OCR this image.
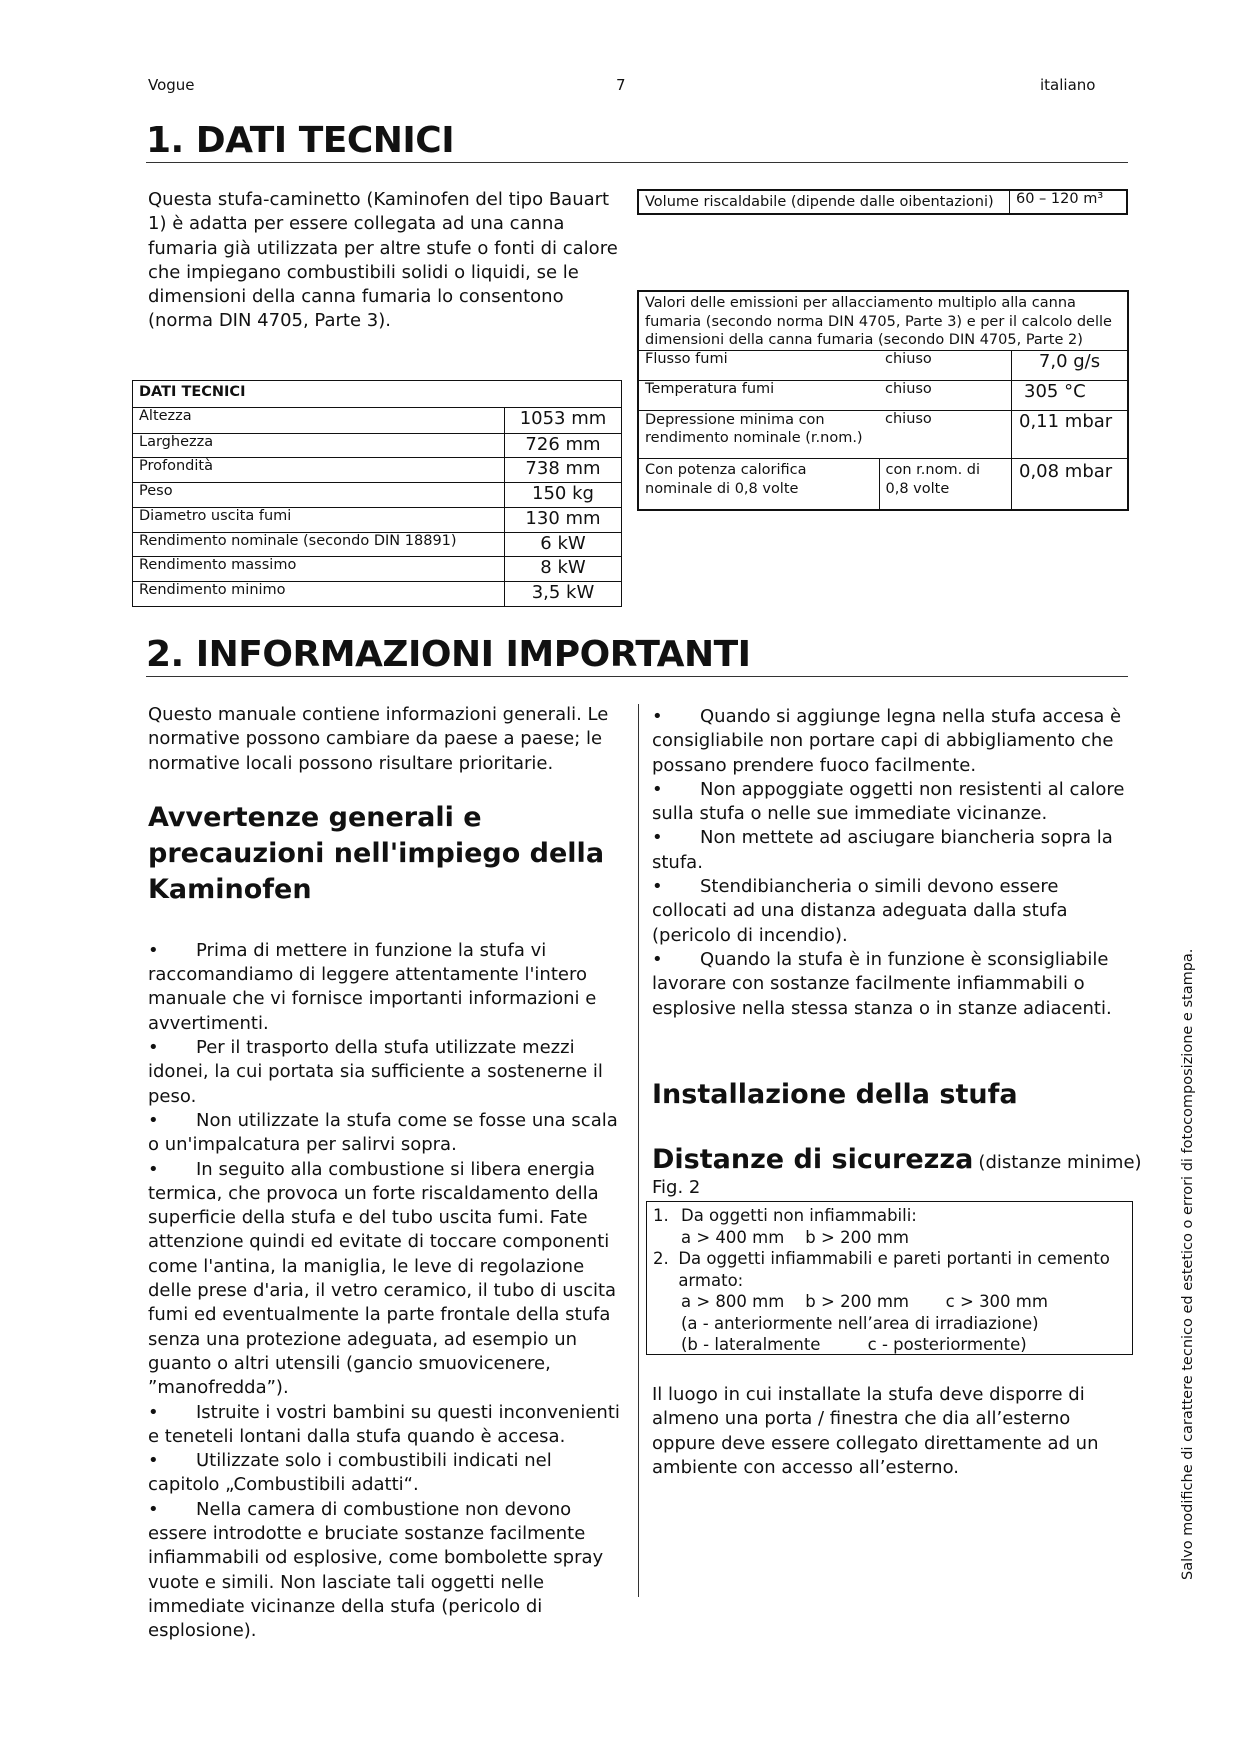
Vogue	7	italiano
1. DATI TECNICI
Questa stufa-caminetto (Kaminofen del tipo Bauart 1) è adatta per essere collegata ad una canna fumaria già utilizzata per altre stufe o fonti di calore che impiegano combustibili solidi o liquidi, se le dimensioni della canna fumaria lo consentono (norma DIN 4705, Parte 3).
DATI TECNICI	
Altezza	1053 mm
Larghezza	726 mm
Profondità	738 mm
Peso	150 kg
Diametro uscita fumi	130 mm
Rendimento nominale (secondo DIN 18891)	6 kW
Rendimento massimo	8 kW
Rendimento minimo	3,5 kW
Volume riscaldabile (dipende dalle oibentazioni)	60 – 120 m³
Valori delle emissioni per allacciamento multiplo alla canna fumaria (secondo norma DIN 4705, Parte 3) e per il calcolo delle dimensioni della canna fumaria (secondo DIN 4705, Parte 2)		
Flusso fumi	chiuso	7,0 g/s
Temperatura fumi	chiuso	305 °C
Depressione minima con rendimento nominale (r.nom.)	chiuso	0,11 mbar
Con potenza calorifica nominale di 0,8 volte	con r.nom. di 0,8 volte	0,08 mbar
2. INFORMAZIONI IMPORTANTI

Questo manuale contiene informazioni generali. Le normative possono cambiare da paese a paese; le normative locali possono risultare prioritarie.

Avvertenze generali e precauzioni nell'impiego della Kaminofen

• Prima di mettere in funzione la stufa vi raccomandiamo di leggere attentamente l'intero manuale che vi fornisce importanti informazioni e avvertimenti.

• Per il trasporto della stufa utilizzate mezzi idonei, la cui portata sia sufficiente a sostenerne il peso.

• Non utilizzate la stufa come se fosse una scala o un'impalcatura per salirvi sopra.

• In seguito alla combustione si libera energia termica, che provoca un forte riscaldamento della superficie della stufa e del tubo uscita fumi. Fate attenzione quindi ed evitate di toccare componenti come l'antina, la maniglia, le leve di regolazione delle prese d'aria, il vetro ceramico, il tubo di uscita fumi ed eventualmente la parte frontale della stufa senza una protezione adeguata, ad esempio un guanto o altri utensili (gancio smuovicenere, ”manofredda”).

• Istruite i vostri bambini su questi inconvenienti e teneteli lontani dalla stufa quando è accesa.

• Utilizzate solo i combustibili indicati nel capitolo „Combustibili adatti“.

• Nella camera di combustione non devono essere introdotte e bruciate sostanze facilmente infiammabili od esplosive, come bombolette spray vuote e simili. Non lasciate tali oggetti nelle immediate vicinanze della stufa (pericolo di esplosione).

• Quando si aggiunge legna nella stufa accesa è consigliabile non portare capi di abbigliamento che possano prendere fuoco facilmente.

• Non appoggiate oggetti non resistenti al calore sulla stufa o nelle sue immediate vicinanze.

• Non mettete ad asciugare biancheria sopra la stufa.

• Stendibiancheria o simili devono essere collocati ad una distanza adeguata dalla stufa (pericolo di incendio).

• Quando la stufa è in funzione è sconsigliabile lavorare con sostanze facilmente infiammabili o esplosive nella stessa stanza o in stanze adiacenti.

Installazione della stufa
Distanze di sicurezza (distanze minime)
Fig. 2
1. Da oggetti non infiammabili:
a > 400 mm    b > 200 mm
2. Da oggetti infiammabili e pareti portanti in cemento armato:
a > 800 mm    b > 200 mm       c > 300 mm
(a - anteriormente nell’area di irradiazione)
(b - lateralmente         c - posteriormente)
Il luogo in cui installate la stufa deve disporre di almeno una porta / finestra che dia all’esterno oppure deve essere collegato direttamente ad un ambiente con accesso all’esterno.	Salvo modifiche di carattere tecnico ed estetico o errori di fotocomposizione e stampa.
